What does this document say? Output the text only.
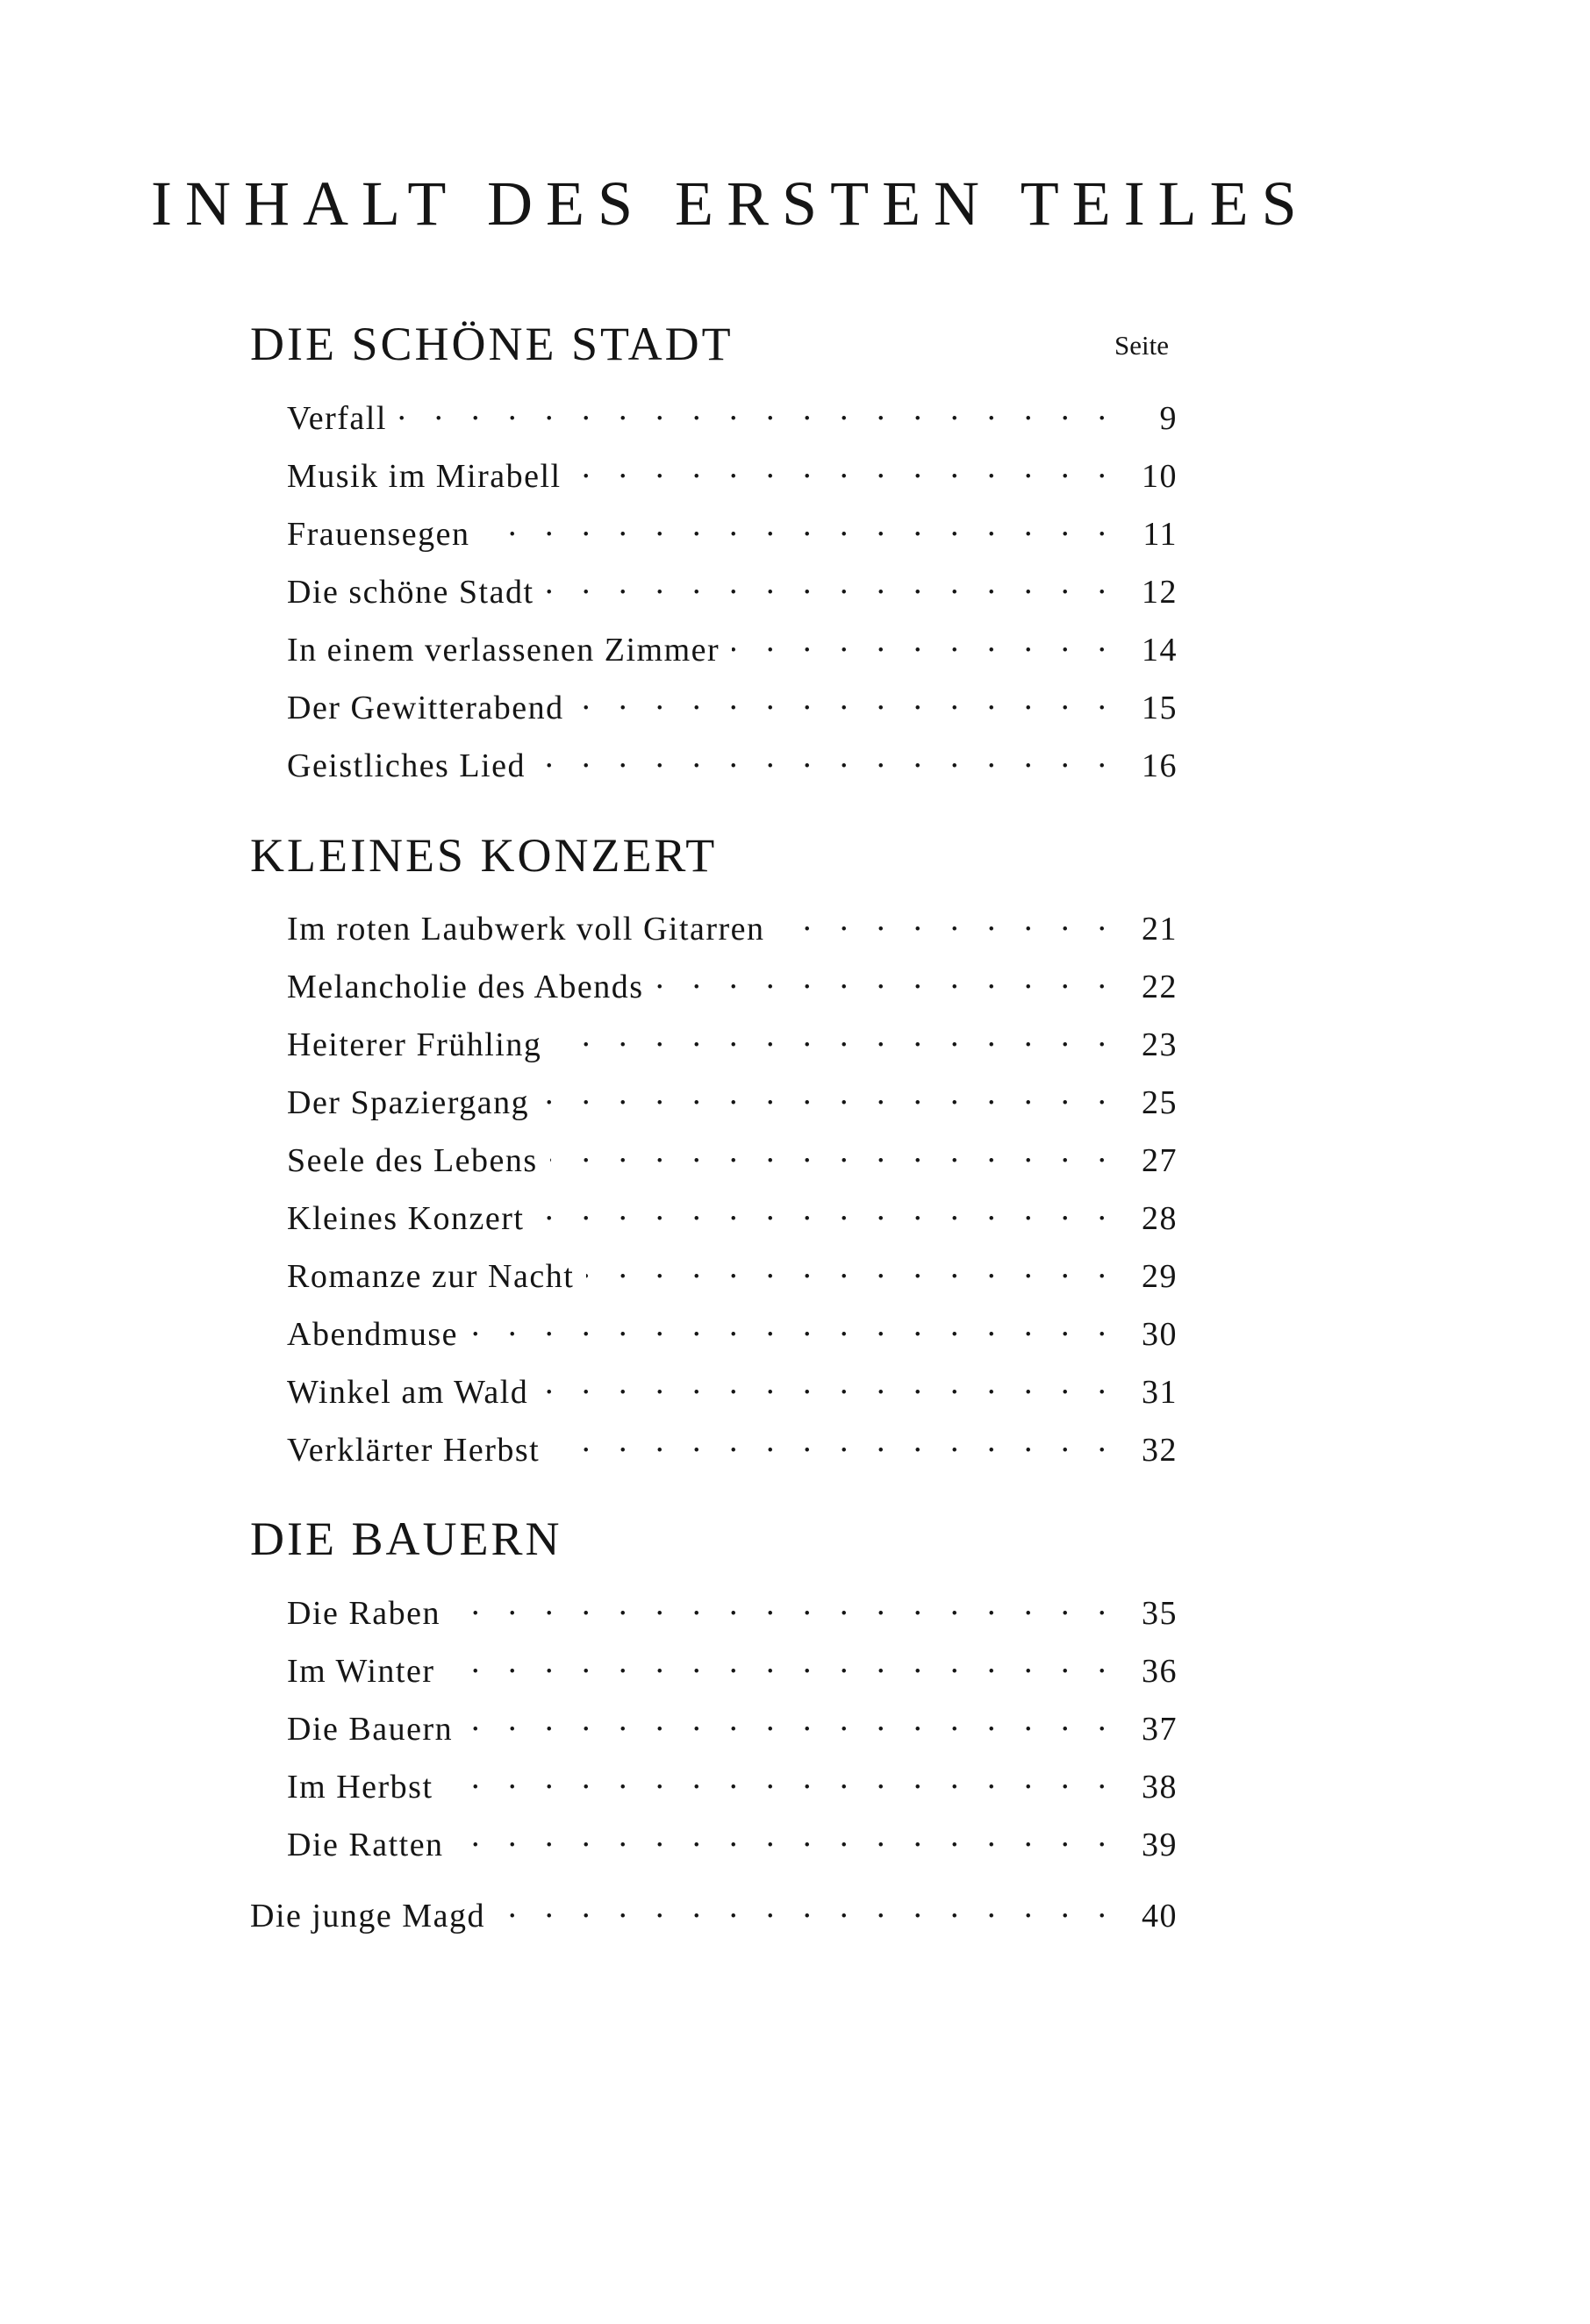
INHALT DES ERSTEN TEILES
Seite
DIE SCHÖNE STADT
Verfall . . .	9
Musik im Mirabell . . .	10
Frauensegen . . .	11
Die schöne Stadt . . .	12
In einem verlassenen Zimmer . . .	14
Der Gewitterabend . . .	15
Geistliches Lied . . .	16
KLEINES KONZERT
Im roten Laubwerk voll Gitarren . . .	21
Melancholie des Abends . . .	22
Heiterer Frühling . . .	23
Der Spaziergang . . .	25
Seele des Lebens . . .	27
Kleines Konzert . . .	28
Romanze zur Nacht . . .	29
Abendmuse . . .	30
Winkel am Wald . . .	31
Verklärter Herbst . . .	32
DIE BAUERN
Die Raben . . .	35
Im Winter . . .	36
Die Bauern . . .	37
Im Herbst . . .	38
Die Ratten . . .	39
Die junge Magd . . .	40
